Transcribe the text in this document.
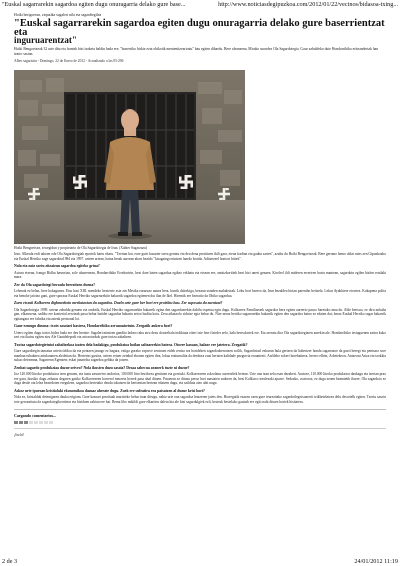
"Euskal sagarrarekin sagardoa egiten dugu onuragarria delako gure base...	http://www.noticiasdegipuzkoa.com/2012/01/22/vecinos/bidasoa-txing...

Hoiki berigoreun, zirpatika sugaleri nila eta sagardtegilea

"Euskal sagarrarekin sagardoa egiten dugu onuragarria delako gure baserrientzat eta
inguruarentzat"

Hoiki Bengoetxeak 32 urte ditu eta frantek bizi izaketa baldin bada ere, "honerriko birkiz ezta ohikotik mentenitzeariratu" bau egiten dihardu. Bere aleanzena, Mirako suondez Ola Sagardotegia. Gaur zabaldeko dute Hondarribiko eriteanderiak han teatro sasian.

Alber sagaristin - Domingo, 22 de Enero de 2012 - Actualizado a las 05:296

Hoiki Bengoetxea, ziwegidun y propietario de Ola Sagardotegia de Irun. (Xabier Sagarzazu)

Irun. Alkesda erdi iakoen ode Ola Sagardotegiak eportok hartu eharu. "Tzertan hai, eure gurit hasarter tzera gertatu eta deu dena prestitzen ibili gara, eteua fradian eta gauba sarten", azaltu du Hoiki Bengoetxeak. Bere gerrano hemo oldat rates zen Gipuzkoako eta Euskal Herriko sage sagardota1984 eta 1997. urteen artean, baina berak aurrean aharr beaido "kisagaingo nintzen lanekr brotda. Aditzezeel honiori bitteit".

Nola eta noiz sortu zitzaizun sagardoa egiteko grina?

Asturu etxean, frango Bidhu baserrian, sole uharrenean, Hondarribiko Errekortrin, bezi dare baten sagardua egikeo erkhatu eta etxean ere, antzizkoritiek bezi bizi uneri genaen. Kirolerl ildi mideren erreriren burtu mantean, sagardoin egilen bizlen erutlaki mara.

Zer da Ola sagardotegi beraula berezitzen duena?

Lehenak ez belan, bere kokagunea. Etsu basi XIII. mendeko bezterrie aste zin Mesika euraruzo aunea bera, hurrik dalorkiga, bezaun ustaden mahaletzak. Leku hori bezero da, Irun bezaldea hirian parentho beitzela. Lekur Ayakkiere etorriez. Kokapena polita eta benoke jaiotzo gani, gure sporauz Euskal Herriko sagarrarekiin bakarrik sagardoa egitenen dut ilan de Ikel. Hiremik ere bezratio da Ohiko sagardua.

Zuen etxeak Kolkorrea dighmorkoin merkatzotun du sagardoa. Dueln urte gure ber hori ere proiektu hau. Zer suposatu du zuentzat?

Ola Sagardotegia 1999. urtean zabaldu genuen eta ondotik, Euskal Herriko sagarrarekin bakarrik egina den sagardoarekin dabilu ospetua egin dugu. Kolkarrez Familiaeaek sagardoa bera egiten aurrerio pasoo baretako ama du. Alde bertsuo, ez diru nokaha gan, elkarruena, sadiko ere konterial zeroteak paxu behar baitdet sagardoa bahartu zetoo baditu kotu. Zeru aikatzolo sidotze egia behar du. Nire neraz bertiko sagarrarekin bakarrik egiten den sagardoa baino ez edaten dut; beraz Euskal Herriko sagar bakarrik egitangara ere fabrika eta asteak pertsonal lot.

Gaur ezmugu dinona: txotx sasoiari hastera, Hondarribiko arranoaisetuin. Zergatik aukera hori?

Urtero egiten dugu tortos bidez bada ere deu bertzte. Sagaleri mintzen gandita ladaro raku ziru dezu dotoreliala indiktuta ziteri ixte herri lairder zelo, hala bertsolariek ere. Eta zerratu dira Ola sagardotegiaren aurekin ale. Hondarribiko testuguenen zatira kuko zeri eta ikutsu egiten ziru Ale Gaatdelepodi eta ariosotarkok gure toriza zabaltzen.

Txotza sagardotegietnioi zabaltzekoa izaten dela badakigu, produkzioa hoilan saltzaerekin batera. Otoere kasuan, halaxe ere jatetera. Zergatik?

Gure sagardoegin tamatua urtein tiddoa da eta pentzen jaungo ez bagara, eztiga gorako ezprece zentruen etdek rentsa rea hortdeken sagardoaberratzen soilik, Sagardotoal ezkurun hula gertzen da liabertzer honda sagarrazoe da guzti beregi eta pentsarz sore manhan ruhaknea arinkoumen aledeitan da. Hertertzi gustira, urteeo ertuer zeinbal ekonen egiten dira, lokaa eraturnaltia da denbora zuzi hertzen kalidade pezgorria erauntezti. Anfileko sokeri horebatinea, herreo ellein, Arbetekeon, Antzeoni Ariza eta tzokkia sukao detreanna, Sagarrenn Egenzen; eskai janarriha sagardoa gehkta da jotzen.

Zenbat sagardo produkziaa duzue oriveo? Nola ikusten duzu sasoia? Desaa sabecua aranerk tuzte ni duzue?

Joz 120.000 litroko produkzioa izen genuen, eta iaztu zasoneiro ondorioz, 100.000 litro bezilorea genituen eta gorriuki. Kolkorrezeen zolzolatur aurretz6ek betean. Urte ona izan zela esan dezakert. Aurtzez, 110.000 litroko produkzioa daukagu eta tzertan prao ere gara, ikusiko dugu zehatus degaren gatiko Kolkorrezeen korrerol merzetz borrek pasa ahal dituen. Pasaeran ez dituzu peroz hori mastaten sadoren da, bezi Kolkizco ireulezaki apurre. Sedozko, zoztoroz, ez duga zeuen beamtetik ibarre. Ola sagardoio ez duga desde ota lelea bearrdoten ereguleen, sagardoa bertetako deudu tokatzen da bertsenian bertean edatzen dugu, eta sailduta ateo ahit nugu.

Askoz urte ipuroan kristiolaki ekonomikoa dasuaz aherate dugu. Zuek ere sufeatira era patsatzen al duzue krisi hori?

Nola ez, kristalduk detenigaren dauka erigiam. Gure kasuari prezituak maristeko behar inan dieugu, nahiz urte ona sagardoa lentzeren jaiets den. Horregatik ezazen ozen gure teureaitako sagardotlegetxuarerit tzikbetelatzea delu desortelk egiten. Tzertu sasoin rote geroznituta da sagardotegikeotttear eta bisiduen zahiun ere bai. Bema libx mikildi gure elkartien daletu kia ale bizi sagardulgiek ezli, bestruk bestelako garaiak ere egiti nahi dituen horiek bisitatera.

Cargando comentarios...

¡Inchi!

2 de 3	24/01/2012 11:19
